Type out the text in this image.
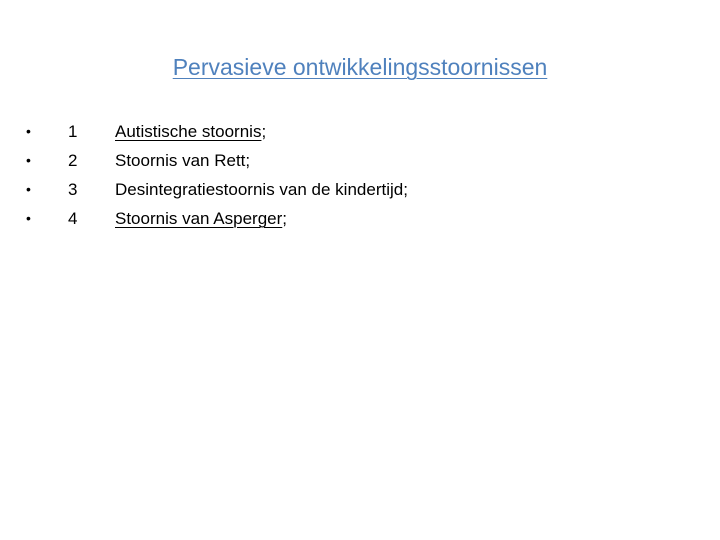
Pervasieve ontwikkelingsstoornissen
•	1 Autistische stoornis;
•	2 Stoornis van Rett;
•	3 Desintegratiestoornis van de kindertijd;
•	4 Stoornis van Asperger;
